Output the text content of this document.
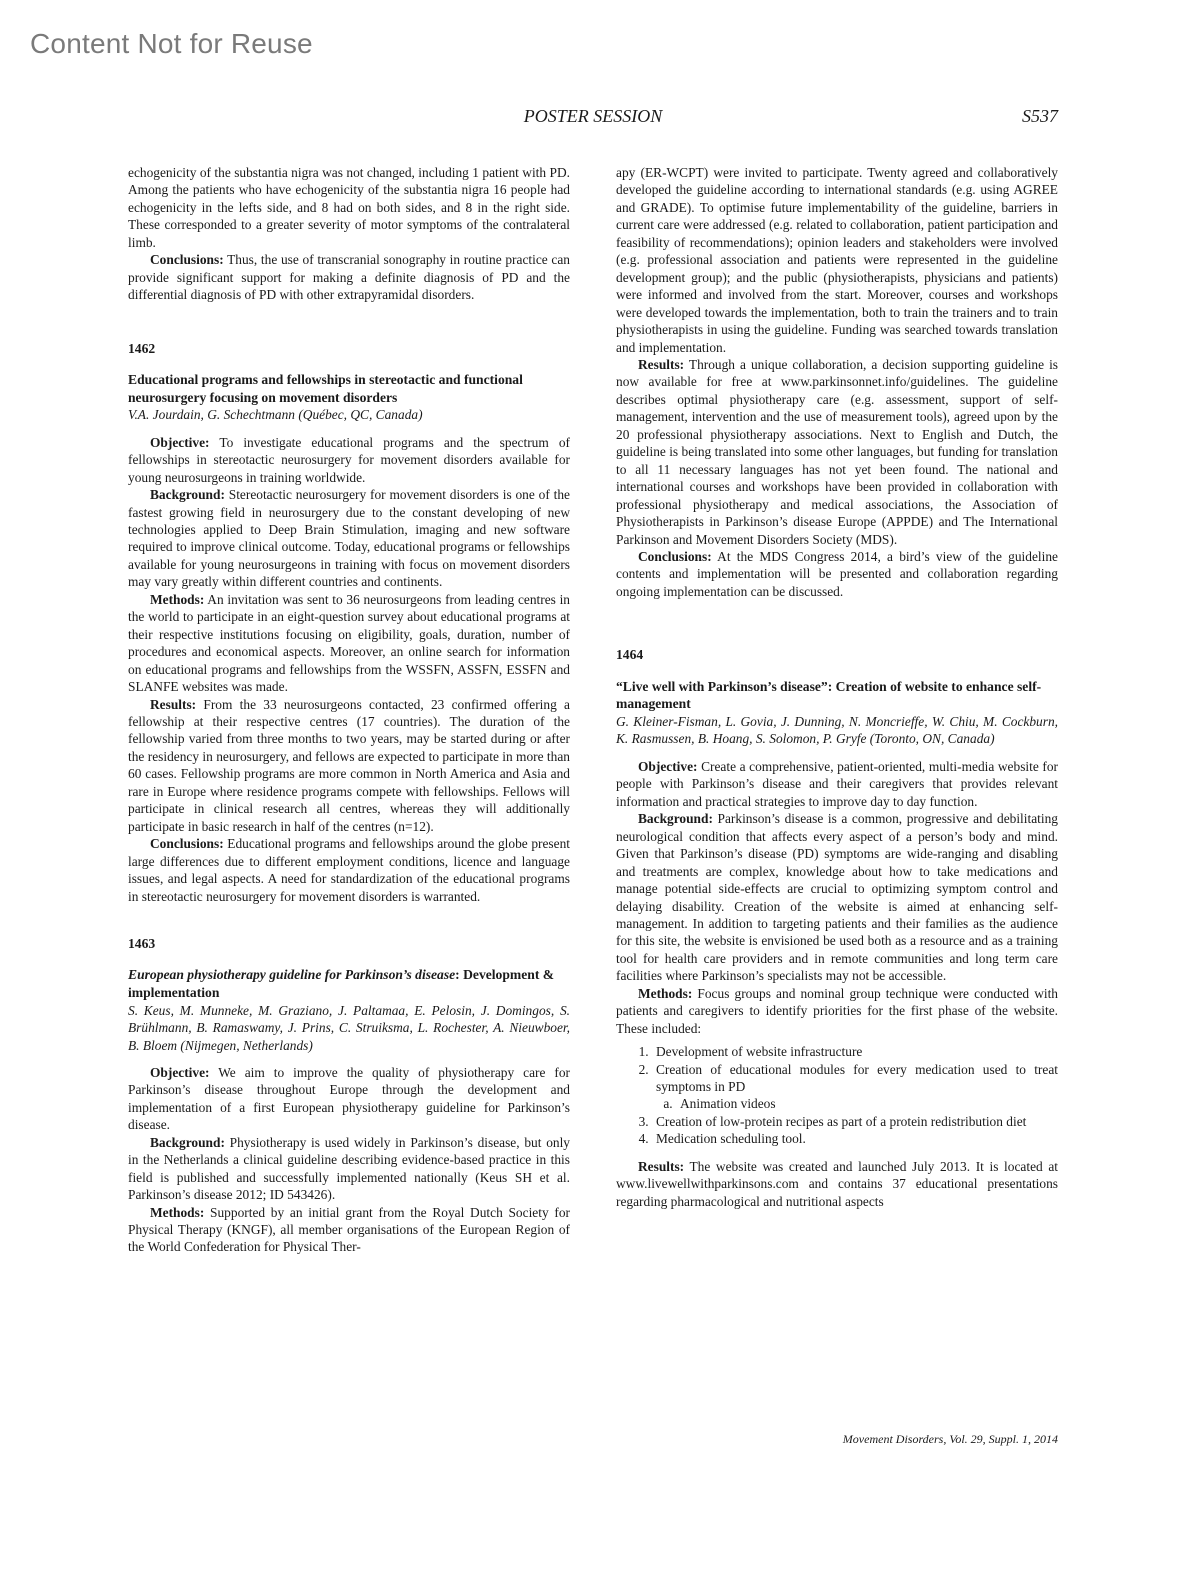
Content Not for Reuse
POSTER SESSION	S537

echogenicity of the substantia nigra was not changed, including 1 patient with PD. Among the patients who have echogenicity of the substantia nigra 16 people had echogenicity in the lefts side, and 8 had on both sides, and 8 in the right side. These corresponded to a greater severity of motor symptoms of the contralateral limb.

Conclusions: Thus, the use of transcranial sonography in routine practice can provide significant support for making a definite diagnosis of PD and the differential diagnosis of PD with other extrapyramidal disorders.

1462
Educational programs and fellowships in stereotactic and functional neurosurgery focusing on movement disorders
V.A. Jourdain, G. Schechtmann (Québec, QC, Canada)

Objective: To investigate educational programs and the spectrum of fellowships in stereotactic neurosurgery for movement disorders available for young neurosurgeons in training worldwide.

Background: Stereotactic neurosurgery for movement disorders is one of the fastest growing field in neurosurgery due to the constant developing of new technologies applied to Deep Brain Stimulation, imaging and new software required to improve clinical outcome. Today, educational programs or fellowships available for young neurosurgeons in training with focus on movement disorders may vary greatly within different countries and continents.

Methods: An invitation was sent to 36 neurosurgeons from leading centres in the world to participate in an eight-question survey about educational programs at their respective institutions focusing on eligibility, goals, duration, number of procedures and economical aspects. Moreover, an online search for information on educational programs and fellowships from the WSSFN, ASSFN, ESSFN and SLANFE websites was made.

Results: From the 33 neurosurgeons contacted, 23 confirmed offering a fellowship at their respective centres (17 countries). The duration of the fellowship varied from three months to two years, may be started during or after the residency in neurosurgery, and fellows are expected to participate in more than 60 cases. Fellowship programs are more common in North America and Asia and rare in Europe where residence programs compete with fellowships. Fellows will participate in clinical research all centres, whereas they will additionally participate in basic research in half of the centres (n=12).

Conclusions: Educational programs and fellowships around the globe present large differences due to different employment conditions, licence and language issues, and legal aspects. A need for standardization of the educational programs in stereotactic neurosurgery for movement disorders is warranted.

1463
European physiotherapy guideline for Parkinson’s disease: Development & implementation
S. Keus, M. Munneke, M. Graziano, J. Paltamaa, E. Pelosin, J. Domingos, S. Brühlmann, B. Ramaswamy, J. Prins, C. Struiksma, L. Rochester, A. Nieuwboer, B. Bloem (Nijmegen, Netherlands)

Objective: We aim to improve the quality of physiotherapy care for Parkinson’s disease throughout Europe through the development and implementation of a first European physiotherapy guideline for Parkinson’s disease.

Background: Physiotherapy is used widely in Parkinson’s disease, but only in the Netherlands a clinical guideline describing evidence-based practice in this field is published and successfully implemented nationally (Keus SH et al. Parkinson’s disease 2012; ID 543426).

Methods: Supported by an initial grant from the Royal Dutch Society for Physical Therapy (KNGF), all member organisations of the European Region of the World Confederation for Physical Ther-

apy (ER-WCPT) were invited to participate. Twenty agreed and collaboratively developed the guideline according to international standards (e.g. using AGREE and GRADE). To optimise future implementability of the guideline, barriers in current care were addressed (e.g. related to collaboration, patient participation and feasibility of recommendations); opinion leaders and stakeholders were involved (e.g. professional association and patients were represented in the guideline development group); and the public (physiotherapists, physicians and patients) were informed and involved from the start. Moreover, courses and workshops were developed towards the implementation, both to train the trainers and to train physiotherapists in using the guideline. Funding was searched towards translation and implementation.

Results: Through a unique collaboration, a decision supporting guideline is now available for free at www.parkinsonnet.info/guidelines. The guideline describes optimal physiotherapy care (e.g. assessment, support of self-management, intervention and the use of measurement tools), agreed upon by the 20 professional physiotherapy associations. Next to English and Dutch, the guideline is being translated into some other languages, but funding for translation to all 11 necessary languages has not yet been found. The national and international courses and workshops have been provided in collaboration with professional physiotherapy and medical associations, the Association of Physiotherapists in Parkinson’s disease Europe (APPDE) and The International Parkinson and Movement Disorders Society (MDS).

Conclusions: At the MDS Congress 2014, a bird’s view of the guideline contents and implementation will be presented and collaboration regarding ongoing implementation can be discussed.

1464
“Live well with Parkinson’s disease”: Creation of website to enhance self-management
G. Kleiner-Fisman, L. Govia, J. Dunning, N. Moncrieffe, W. Chiu, M. Cockburn, K. Rasmussen, B. Hoang, S. Solomon, P. Gryfe (Toronto, ON, Canada)

Objective: Create a comprehensive, patient-oriented, multi-media website for people with Parkinson’s disease and their caregivers that provides relevant information and practical strategies to improve day to day function.

Background: Parkinson’s disease is a common, progressive and debilitating neurological condition that affects every aspect of a person’s body and mind. Given that Parkinson’s disease (PD) symptoms are wide-ranging and disabling and treatments are complex, knowledge about how to take medications and manage potential side-effects are crucial to optimizing symptom control and delaying disability. Creation of the website is aimed at enhancing self-management. In addition to targeting patients and their families as the audience for this site, the website is envisioned be used both as a resource and as a training tool for health care providers and in remote communities and long term care facilities where Parkinson’s specialists may not be accessible.

Methods: Focus groups and nominal group technique were conducted with patients and caregivers to identify priorities for the first phase of the website. These included:

1. Development of website infrastructure
2. Creation of educational modules for every medication used to treat symptoms in PD
a. Animation videos
3. Creation of low-protein recipes as part of a protein redistribution diet
4. Medication scheduling tool.

Results: The website was created and launched July 2013. It is located at www.livewellwithparkinsons.com and contains 37 educational presentations regarding pharmacological and nutritional aspects

Movement Disorders, Vol. 29, Suppl. 1, 2014
